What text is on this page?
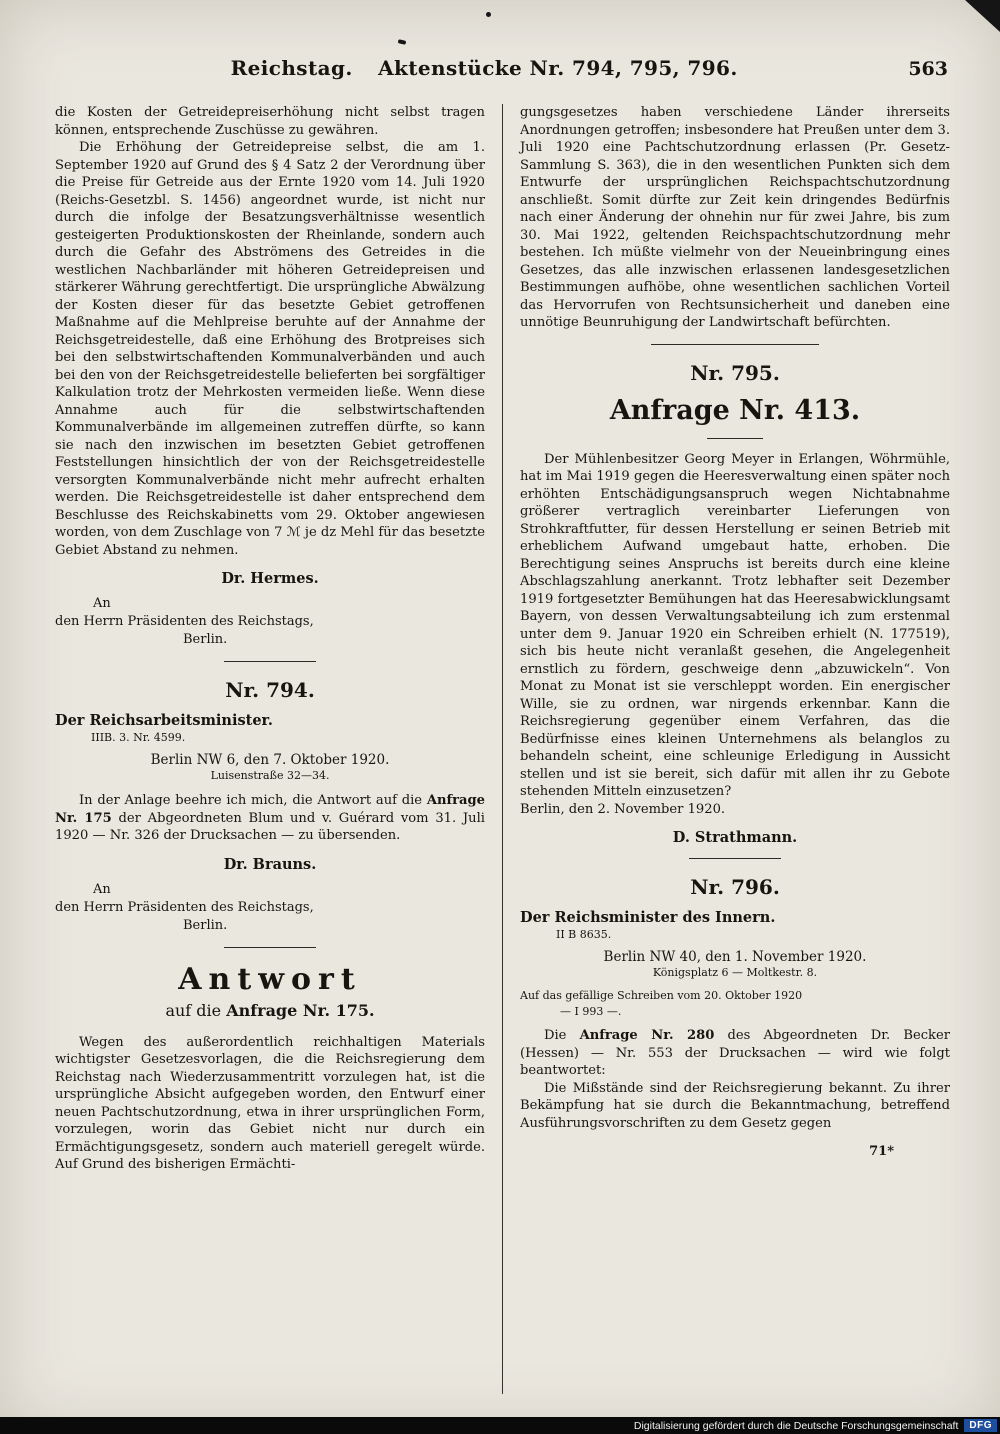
Reichstag. Aktenstücke Nr. 794, 795, 796.	563

die Kosten der Getreidepreiserhöhung nicht selbst tragen können, entsprechende Zuschüsse zu gewähren.

Die Erhöhung der Getreidepreise selbst, die am 1. September 1920 auf Grund des § 4 Satz 2 der Verordnung über die Preise für Getreide aus der Ernte 1920 vom 14. Juli 1920 (Reichs-Gesetzbl. S. 1456) angeordnet wurde, ist nicht nur durch die infolge der Besatzungsverhältnisse wesentlich gesteigerten Produktionskosten der Rheinlande, sondern auch durch die Gefahr des Abströmens des Getreides in die westlichen Nachbarländer mit höheren Getreidepreisen und stärkerer Währung gerechtfertigt. Die ursprüngliche Abwälzung der Kosten dieser für das besetzte Gebiet getroffenen Maßnahme auf die Mehlpreise beruhte auf der Annahme der Reichsgetreidestelle, daß eine Erhöhung des Brotpreises sich bei den selbstwirtschaftenden Kommunalverbänden und auch bei den von der Reichsgetreidestelle belieferten bei sorgfältiger Kalkulation trotz der Mehrkosten vermeiden ließe. Wenn diese Annahme auch für die selbstwirtschaftenden Kommunalverbände im allgemeinen zutreffen dürfte, so kann sie nach den inzwischen im besetzten Gebiet getroffenen Feststellungen hinsichtlich der von der Reichsgetreidestelle versorgten Kommunalverbände nicht mehr aufrecht erhalten werden. Die Reichsgetreidestelle ist daher entsprechend dem Beschlusse des Reichskabinetts vom 29. Oktober angewiesen worden, von dem Zuschlage von 7 ℳ je dz Mehl für das besetzte Gebiet Abstand zu nehmen.

Dr. Hermes.
An
den Herrn Präsidenten des Reichstags,
Berlin.
Nr. 794.
Der Reichsarbeitsminister.
IIIB. 3. Nr. 4599.
Berlin NW 6, den 7. Oktober 1920.
Luisenstraße 32—34.

In der Anlage beehre ich mich, die Antwort auf die Anfrage Nr. 175 der Abgeordneten Blum und v. Guérard vom 31. Juli 1920 — Nr. 326 der Drucksachen — zu übersenden.

Dr. Brauns.
An
den Herrn Präsidenten des Reichstags,
Berlin.
Antwort
auf die Anfrage Nr. 175.

Wegen des außerordentlich reichhaltigen Materials wichtigster Gesetzesvorlagen, die die Reichsregierung dem Reichstag nach Wiederzusammentritt vorzulegen hat, ist die ursprüngliche Absicht aufgegeben worden, den Entwurf einer neuen Pachtschutzordnung, etwa in ihrer ursprünglichen Form, vorzulegen, worin das Gebiet nicht nur durch ein Ermächtigungsgesetz, sondern auch materiell geregelt würde. Auf Grund des bisherigen Ermächti-

gungsgesetzes haben verschiedene Länder ihrerseits Anordnungen getroffen; insbesondere hat Preußen unter dem 3. Juli 1920 eine Pachtschutzordnung erlassen (Pr. Gesetz-Sammlung S. 363), die in den wesentlichen Punkten sich dem Entwurfe der ursprünglichen Reichspachtschutzordnung anschließt. Somit dürfte zur Zeit kein dringendes Bedürfnis nach einer Änderung der ohnehin nur für zwei Jahre, bis zum 30. Mai 1922, geltenden Reichspachtschutzordnung mehr bestehen. Ich müßte vielmehr von der Neueinbringung eines Gesetzes, das alle inzwischen erlassenen landesgesetzlichen Bestimmungen aufhöbe, ohne wesentlichen sachlichen Vorteil das Hervorrufen von Rechtsunsicherheit und daneben eine unnötige Beunruhigung der Landwirtschaft befürchten.

Nr. 795.
Anfrage Nr. 413.

Der Mühlenbesitzer Georg Meyer in Erlangen, Wöhrmühle, hat im Mai 1919 gegen die Heeresverwaltung einen später noch erhöhten Entschädigungsanspruch wegen Nichtabnahme größerer vertraglich vereinbarter Lieferungen von Strohkraftfutter, für dessen Herstellung er seinen Betrieb mit erheblichem Aufwand umgebaut hatte, erhoben. Die Berechtigung seines Anspruchs ist bereits durch eine kleine Abschlagszahlung anerkannt. Trotz lebhafter seit Dezember 1919 fortgesetzter Bemühungen hat das Heeresabwicklungsamt Bayern, von dessen Verwaltungsabteilung ich zum erstenmal unter dem 9. Januar 1920 ein Schreiben erhielt (N. 177519), sich bis heute nicht veranlaßt gesehen, die Angelegenheit ernstlich zu fördern, geschweige denn „abzuwickeln“. Von Monat zu Monat ist sie verschleppt worden. Ein energischer Wille, sie zu ordnen, war nirgends erkennbar. Kann die Reichsregierung gegenüber einem Verfahren, das die Bedürfnisse eines kleinen Unternehmens als belanglos zu behandeln scheint, eine schleunige Erledigung in Aussicht stellen und ist sie bereit, sich dafür mit allen ihr zu Gebote stehenden Mitteln einzusetzen?

Berlin, den 2. November 1920.

D. Strathmann.
Nr. 796.
Der Reichsminister des Innern.
II B 8635.
Berlin NW 40, den 1. November 1920.
Königsplatz 6 — Moltkestr. 8.
Auf das gefällige Schreiben vom 20. Oktober 1920
— I 993 —.

Die Anfrage Nr. 280 des Abgeordneten Dr. Becker (Hessen) — Nr. 553 der Drucksachen — wird wie folgt beantwortet:

Die Mißstände sind der Reichsregierung bekannt. Zu ihrer Bekämpfung hat sie durch die Bekanntmachung, betreffend Ausführungsvorschriften zu dem Gesetz gegen

71*
Digitalisierung gefördert durch die Deutsche Forschungsgemeinschaft	DFG
